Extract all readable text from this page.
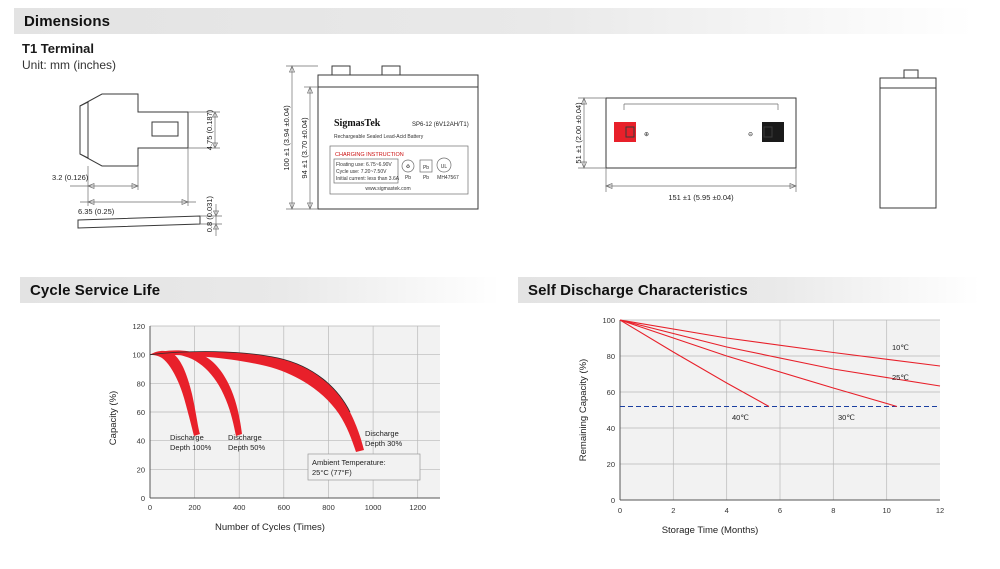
Dimensions
T1 Terminal
Unit: mm (inches)
4.75 (0.187)
3.2 (0.126)
6.35 (0.25)	0.8 (0.031)
SigmasTek	SP6-12 (6V12AH/T1)
Rechargeable Sealed Lead-Acid Battery
CHARGING INSTRUCTION
Floating use: 6.75~6.90V
Cycle use: 7.20~7.50V
Initial current: less than 3.6A
♻
Pb
Pb
Pb
UL
MH47567
www.sigmastek.com
100 ±1 (3.94 ±0.04) 94 ±1 (3.70 ±0.04)	⊕	⊖
51 ±1 (2.00 ±0.04)
151 ±1 (5.95 ±0.04)
Cycle Service Life
0
20
40
60
80
100
120
0	200	400	600	800	1000	1200
Discharge
Depth 100%
Discharge
Depth 50%
Discharge
Depth 30%
Ambient Temperature:
25°C (77°F)
Capacity (%)
Number of Cycles (Times)
Self Discharge Characteristics
0
20
40
60
80
100
0	2	4	6	8	10	12
10℃
25℃
30℃
40℃
Remaining Capacity (%)
Storage Time (Months)
